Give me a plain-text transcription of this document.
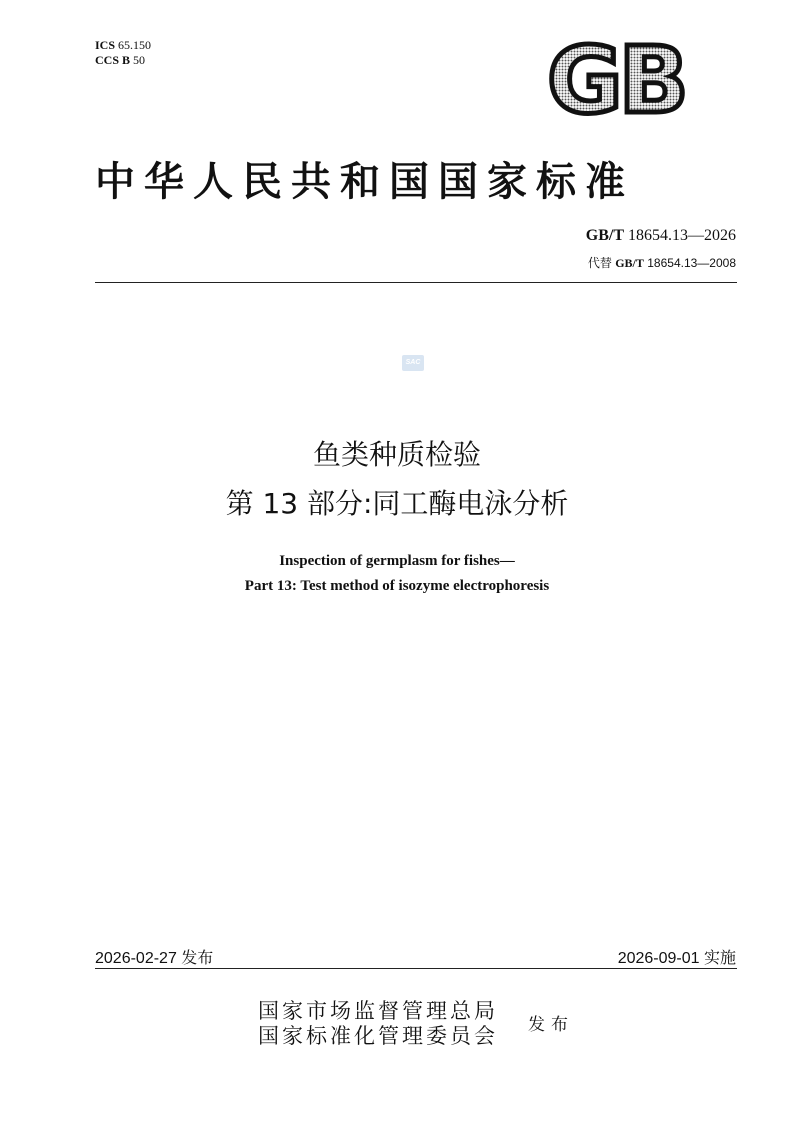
ICS 65.150
CCS B 50	GB
中华人民共和国国家标准
GB/T 18654.13—2026
代替 GB/T 18654.13—2008
SAC
鱼类种质检验
第 13 部分:同工酶电泳分析
Inspection of germplasm for fishes—
Part 13: Test method of isozyme electrophoresis
2026-02-27 发布	2026-09-01 实施
国家市场监督管理总局
国家标准化管理委员会 发布
